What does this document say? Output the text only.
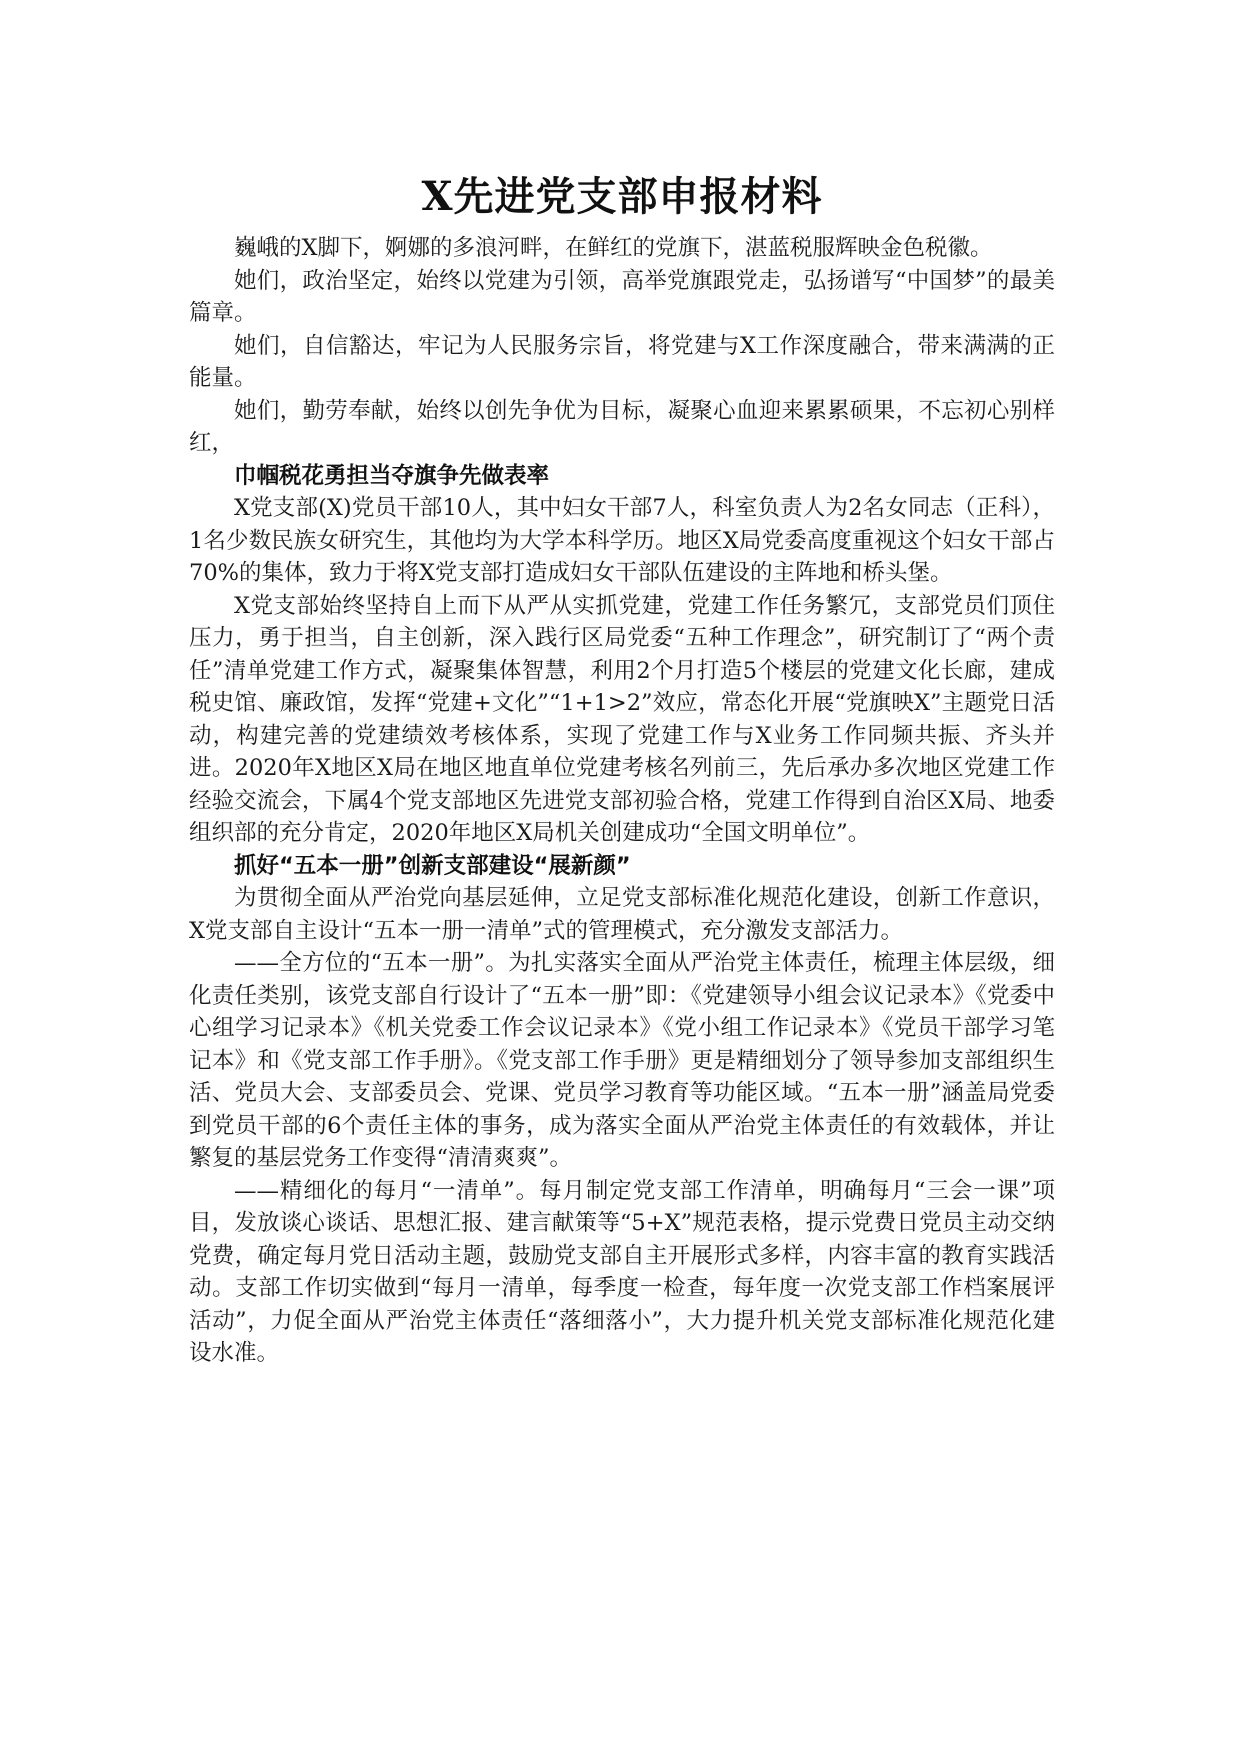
X先进党支部申报材料

巍峨的X脚下，婀娜的多浪河畔，在鲜红的党旗下，湛蓝税服辉映金色税徽。

她们，政治坚定，始终以党建为引领，高举党旗跟党走，弘扬谱写“中国梦”的最美篇章。

她们，自信豁达，牢记为人民服务宗旨，将党建与X工作深度融合，带来满满的正能量。

她们，勤劳奉献，始终以创先争优为目标，凝聚心血迎来累累硕果，不忘初心别样红，

巾帼税花勇担当夺旗争先做表率

X党支部(X)党员干部10人，其中妇女干部7人，科室负责人为2名女同志（正科），1名少数民族女研究生，其他均为大学本科学历。地区X局党委高度重视这个妇女干部占70%的集体，致力于将X党支部打造成妇女干部队伍建设的主阵地和桥头堡。

X党支部始终坚持自上而下从严从实抓党建，党建工作任务繁冗，支部党员们顶住压力，勇于担当，自主创新，深入践行区局党委“五种工作理念”，研究制订了“两个责任”清单党建工作方式，凝聚集体智慧，利用2个月打造5个楼层的党建文化长廊，建成税史馆、廉政馆，发挥“党建+文化”“1+1>2”效应，常态化开展“党旗映X”主题党日活动，构建完善的党建绩效考核体系，实现了党建工作与X业务工作同频共振、齐头并进。2020年X地区X局在地区地直单位党建考核名列前三，先后承办多次地区党建工作经验交流会，下属4个党支部地区先进党支部初验合格，党建工作得到自治区X局、地委组织部的充分肯定，2020年地区X局机关创建成功“全国文明单位”。

抓好“五本一册”创新支部建设“展新颜”

为贯彻全面从严治党向基层延伸，立足党支部标准化规范化建设，创新工作意识，X党支部自主设计“五本一册一清单”式的管理模式，充分激发支部活力。

——全方位的“五本一册”。为扎实落实全面从严治党主体责任，梳理主体层级，细化责任类别，该党支部自行设计了“五本一册”即：《党建领导小组会议记录本》《党委中心组学习记录本》《机关党委工作会议记录本》《党小组工作记录本》《党员干部学习笔记本》和《党支部工作手册》。《党支部工作手册》更是精细划分了领导参加支部组织生活、党员大会、支部委员会、党课、党员学习教育等功能区域。“五本一册”涵盖局党委到党员干部的6个责任主体的事务，成为落实全面从严治党主体责任的有效载体，并让繁复的基层党务工作变得“清清爽爽”。

——精细化的每月“一清单”。每月制定党支部工作清单，明确每月“三会一课”项目，发放谈心谈话、思想汇报、建言献策等“5+X”规范表格，提示党费日党员主动交纳党费，确定每月党日活动主题，鼓励党支部自主开展形式多样，内容丰富的教育实践活动。支部工作切实做到“每月一清单，每季度一检查，每年度一次党支部工作档案展评活动”，力促全面从严治党主体责任“落细落小”，大力提升机关党支部标准化规范化建设水准。
